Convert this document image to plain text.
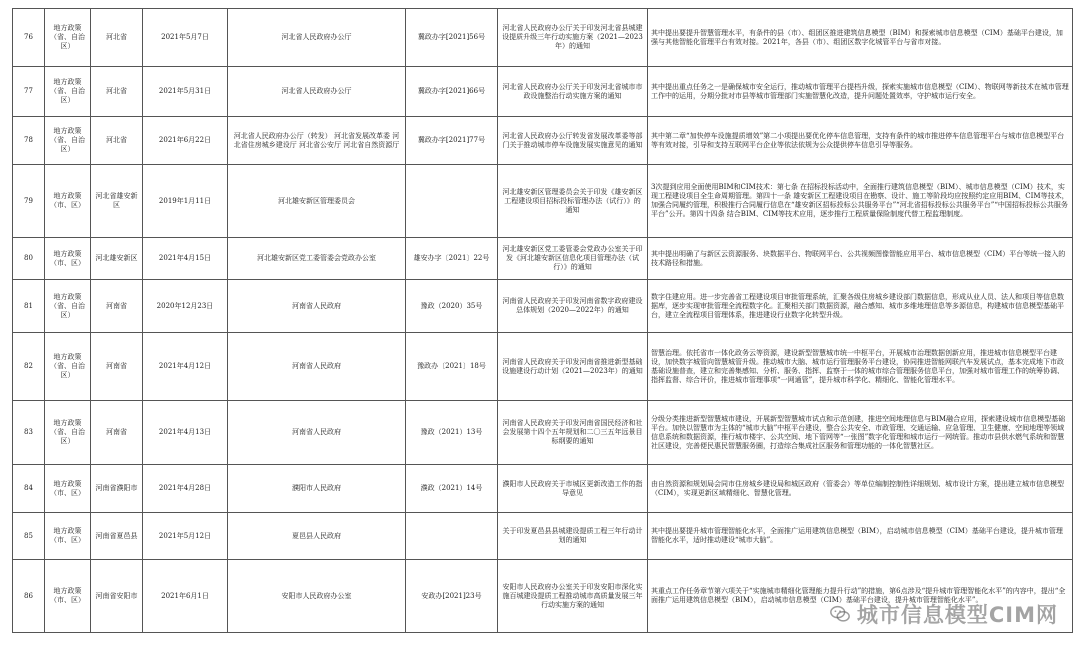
76	地方政策（省、自治区）	河北省	2021年5月7日	河北省人民政府办公厅	冀政办字[2021]56号	河北省人民政府办公厅关于印发河北省县城建设提质升级三年行动实施方案（2021—2023年）的通知	其中提出要提升智慧管理水平，有条件的县（市）、组团区推进建筑信息模型（BIM）和探索城市信息模型（CIM）基础平台建设，加强与其他智能化管理平台有效对接。2021年，各县（市）、组团区数字化城管平台与省市对接。
77	地方政策（省、自治区）	河北省	2021年5月31日	河北省人民政府办公厅	冀政办字[2021]66号	河北省人民政府办公厅关于印发河北省城市市政设施整治行动实施方案的通知	其中提出重点任务之一是确保城市安全运行，推动城市管理平台提档升级，探索实施城市信息模型（CIM）、物联网等新技术在城市管理工作中的运用，分期分批对市县等城市管理部门实施智慧化改造，提升问题处置效率，守护城市运行安全。
78	地方政策（省、自治区）	河北省	2021年6月22日	河北省人民政府办公厅（转发） 河北省发展改革委 河北省住房城乡建设厅 河北省公安厅 河北省自然资源厅	冀政办字[2021]77号	河北省人民政府办公厅转发省发展改革委等部门关于推动城市停车设施发展实施意见的通知	其中第二章“加快停车设施提质增效”第二小项提出要优化停车信息管理，支持有条件的城市推进停车信息管理平台与城市信息模型平台等有效对接，引导和支持互联网平台企业等依法依规为公众提供停车信息引导等服务。
79	地方政策（市、区）	河北省雄安新区	2019年1月11日	河北雄安新区管理委员会		河北雄安新区管理委员会关于印发《雄安新区工程建设项目招标投标管理办法（试行）》的通知	3次提到应用全面使用BIM和CIM技术：第七条 在招标投标活动中，全面推行建筑信息模型（BIM）、城市信息模型（CIM）技术，实现工程建设项目全生命周期管理。第四十一条 雄安新区工程建设项目在勘察、设计、施工等阶段均应按照约定应用BIM、CIM等技术，加强合同履约管理，积极推行合同履行信息在“雄安新区招标投标公共服务平台”“河北省招标投标公共服务平台”“中国招标投标公共服务平台”公开。第四十四条 结合BIM、CIM等技术应用，逐步推行工程质量保险制度代替工程监理制度。
80	地方政策（市、区）	河北雄安新区	2021年4月15日	河北雄安新区党工委管委会党政办公室	雄安办字〔2021〕22号	河北雄安新区党工委管委会党政办公室关于印发《河北雄安新区信息化项目管理办法（试行）》的通知	其中提出明确了与新区云资源服务、块数据平台、物联网平台、公共视频图像智能应用平台、城市信息模型（CIM）平台等统一接入的技术路径和措施。
81	地方政策（省、自治区）	河南省	2020年12月23日	河南省人民政府	豫政（2020）35号	河南省人民政府关于印发河南省数字政府建设总体规划（2020—2022年）的通知	数字住建应用。进一步完善省工程建设项目审批管理系统，汇聚各级住房城乡建设部门数据信息，形成从业人员、法人和项目等信息数据库，逐步实现审批管理全流程数字化。汇聚相关部门数据资源，融合感知、城市多维地理信息等多源信息，构建城市信息模型基础平台，建立全流程项目管理体系，推进建设行业数字化转型升级。
82	地方政策（省、自治区）	河南省	2021年4月12日	河南省人民政府	豫政办〔2021〕18号	河南省人民政府关于印发河南省推进新型基础设施建设行动计划（2021—2023年）的通知	智慧治理。依托省市一体化政务云等资源，建设新型智慧城市统一中枢平台，开展城市治理数据创新应用，推进城市信息模型平台建设，加快数字城管向智慧城管升级。推动城市大脑、城市运行管理服务平台建设，协同推进智能网联汽车发展试点，基本完成地下市政基础设施普查，建立和完善集感知、分析、服务、指挥、监察于一体的城市综合管理服务信息平台，加强对城市管理工作的统筹协调、指挥监督、综合评价，推进城市管理事项“一网通管”，提升城市科学化、精细化、智能化管理水平。
83	地方政策（省、自治区）	河南省	2021年4月13日	河南省人民政府	豫政（2021）13号	河南省人民政府关于印发河南省国民经济和社会发展第十四个五年规划和二〇三五年远景目标纲要的通知	分级分类推进新型智慧城市建设，开展新型智慧城市试点和示范创建，推进空间地理信息与BIM融合应用，探索建设城市信息模型基础平台。加快以智慧市为主体的“城市大脑”中枢平台建设，整合公共安全、市政管理、交通运输、应急管理、卫生健康、空间地理等领域信息系统和数据资源，推行城市楼宇、公共空间、地下管网等“一张图”数字化管理和城市运行一网统管。推动市县供水燃气系统和智慧社区建设，完善便民惠民智慧服务圈，打造综合集成社区服务和管理功能的一体化智慧社区。
84	地方政策（市、区）	河南省濮阳市	2021年4月28日	濮阳市人民政府	濮政（2021）14号	濮阳市人民政府关于市城区更新改造工作的指导意见	由自然资源和规划局会同市住房城乡建设局和城区政府（管委会）等单位编制控制性详细规划、城市设计方案，提出建立城市信息模型（CIM），实现更新区域精细化、智慧化管理。
85	地方政策（市、区）	河南省夏邑县	2021年5月12日	夏邑县人民政府		关于印发夏邑县县城建设提质工程三年行动计划的通知	其中提出要提升城市管理智能化水平，全面推广运用建筑信息模型（BIM），启动城市信息模型（CIM）基础平台建设，提升城市管理智能化水平，适时推动建设“城市大脑”。
86	地方政策（市、区）	河南省安阳市	2021年6月1日	安阳市人民政府办公室	安政办[2021]23号	安阳市人民政府办公室关于印发安阳市深化实施百城建设提质工程推动城市高质量发展三年行动实施方案的通知	其重点工作任务章节第六项关于“实施城市精细化管理能力提升行动”的措施，第6点涉及“提升城市管理智能化水平”的内容中，提出“全面推广运用建筑信息模型（BIM），启动城市信息模型（CIM）基础平台建设，提升城市管理智能化水平”。
城市信息模型CIM网
